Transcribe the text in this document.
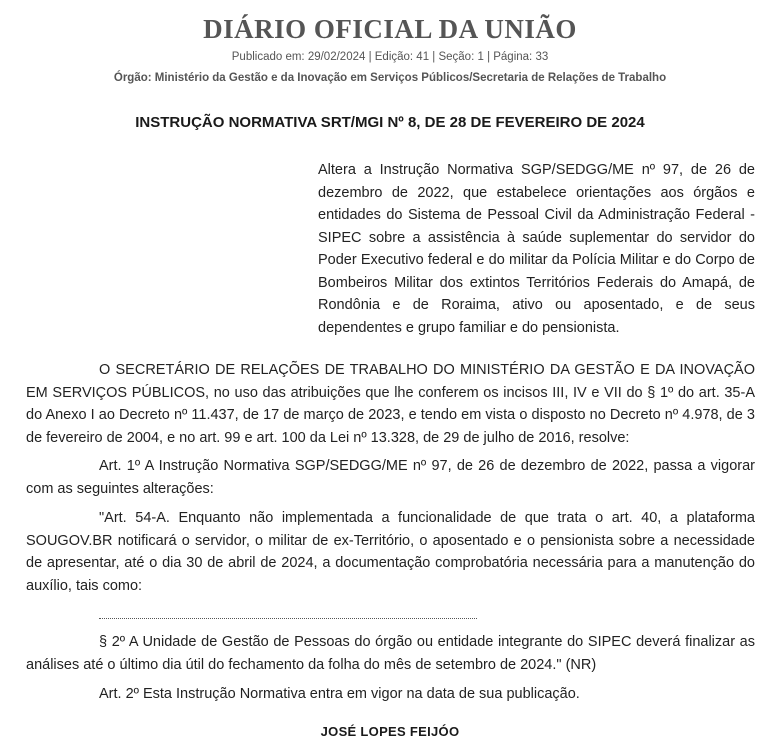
DIÁRIO OFICIAL DA UNIÃO
Publicado em: 29/02/2024 | Edição: 41 | Seção: 1 | Página: 33
Órgão: Ministério da Gestão e da Inovação em Serviços Públicos/Secretaria de Relações de Trabalho
INSTRUÇÃO NORMATIVA SRT/MGI Nº 8, DE 28 DE FEVEREIRO DE 2024
Altera a Instrução Normativa SGP/SEDGG/ME nº 97, de 26 de dezembro de 2022, que estabelece orientações aos órgãos e entidades do Sistema de Pessoal Civil da Administração Federal - SIPEC sobre a assistência à saúde suplementar do servidor do Poder Executivo federal e do militar da Polícia Militar e do Corpo de Bombeiros Militar dos extintos Territórios Federais do Amapá, de Rondônia e de Roraima, ativo ou aposentado, e de seus dependentes e grupo familiar e do pensionista.

O SECRETÁRIO DE RELAÇÕES DE TRABALHO DO MINISTÉRIO DA GESTÃO E DA INOVAÇÃO EM SERVIÇOS PÚBLICOS, no uso das atribuições que lhe conferem os incisos III, IV e VII do § 1º do art. 35-A do Anexo I ao Decreto nº 11.437, de 17 de março de 2023, e tendo em vista o disposto no Decreto nº 4.978, de 3 de fevereiro de 2004, e no art. 99 e art. 100 da Lei nº 13.328, de 29 de julho de 2016, resolve:

Art. 1º A Instrução Normativa SGP/SEDGG/ME nº 97, de 26 de dezembro de 2022, passa a vigorar com as seguintes alterações:

"Art. 54-A. Enquanto não implementada a funcionalidade de que trata o art. 40, a plataforma SOUGOV.BR notificará o servidor, o militar de ex-Território, o aposentado e o pensionista sobre a necessidade de apresentar, até o dia 30 de abril de 2024, a documentação comprobatória necessária para a manutenção do auxílio, tais como:

§ 2º A Unidade de Gestão de Pessoas do órgão ou entidade integrante do SIPEC deverá finalizar as análises até o último dia útil do fechamento da folha do mês de setembro de 2024." (NR)

Art. 2º Esta Instrução Normativa entra em vigor na data de sua publicação.

JOSÉ LOPES FEIJÓO
